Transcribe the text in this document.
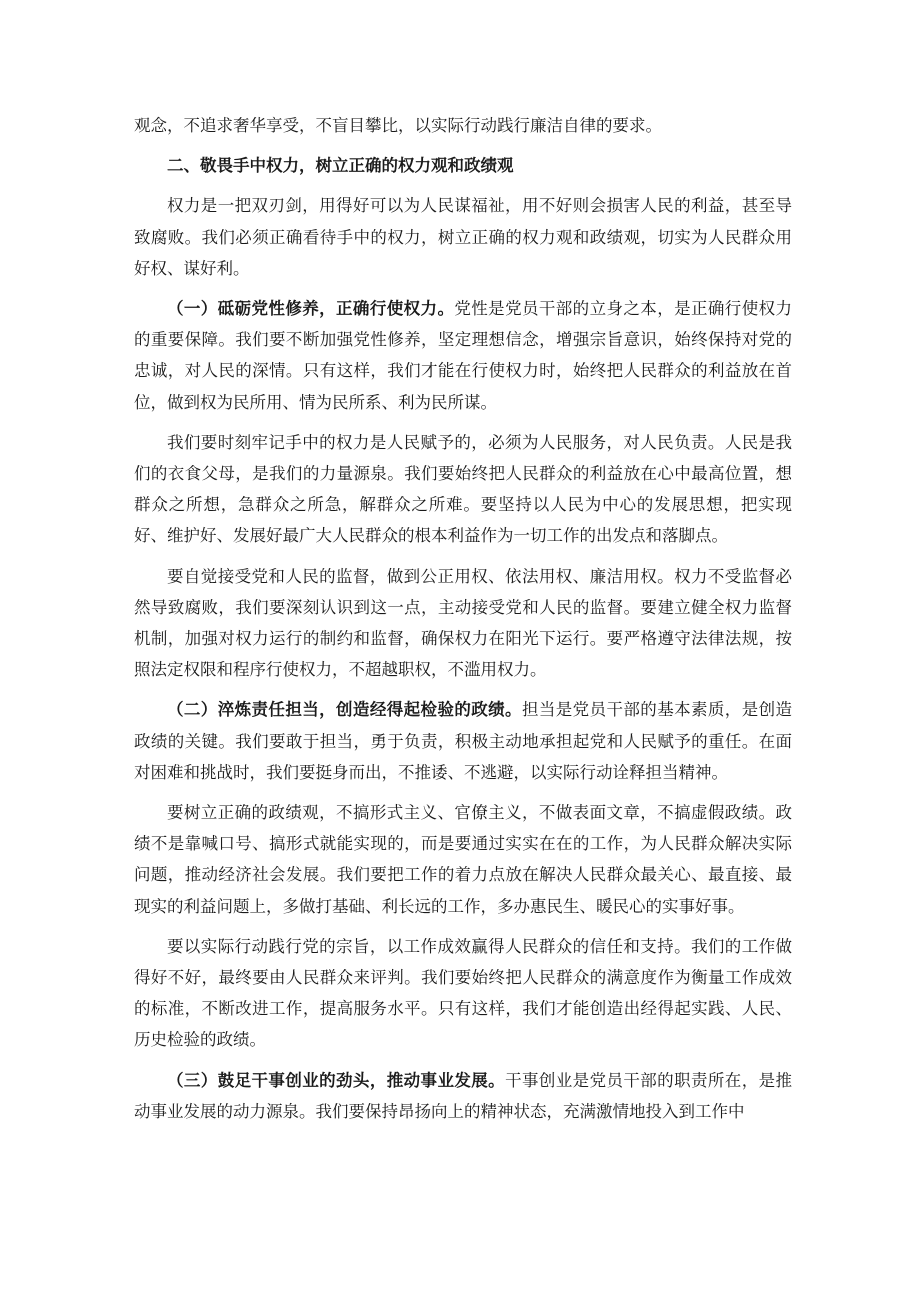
观念，不追求奢华享受，不盲目攀比，以实际行动践行廉洁自律的要求。

二、敬畏手中权力，树立正确的权力观和政绩观

权力是一把双刃剑，用得好可以为人民谋福祉，用不好则会损害人民的利益，甚至导致腐败。我们必须正确看待手中的权力，树立正确的权力观和政绩观，切实为人民群众用好权、谋好利。

（一）砥砺党性修养，正确行使权力。党性是党员干部的立身之本，是正确行使权力的重要保障。我们要不断加强党性修养，坚定理想信念，增强宗旨意识，始终保持对党的忠诚，对人民的深情。只有这样，我们才能在行使权力时，始终把人民群众的利益放在首位，做到权为民所用、情为民所系、利为民所谋。

我们要时刻牢记手中的权力是人民赋予的，必须为人民服务，对人民负责。人民是我们的衣食父母，是我们的力量源泉。我们要始终把人民群众的利益放在心中最高位置，想群众之所想，急群众之所急，解群众之所难。要坚持以人民为中心的发展思想，把实现好、维护好、发展好最广大人民群众的根本利益作为一切工作的出发点和落脚点。

要自觉接受党和人民的监督，做到公正用权、依法用权、廉洁用权。权力不受监督必然导致腐败，我们要深刻认识到这一点，主动接受党和人民的监督。要建立健全权力监督机制，加强对权力运行的制约和监督，确保权力在阳光下运行。要严格遵守法律法规，按照法定权限和程序行使权力，不超越职权，不滥用权力。

（二）淬炼责任担当，创造经得起检验的政绩。担当是党员干部的基本素质，是创造政绩的关键。我们要敢于担当，勇于负责，积极主动地承担起党和人民赋予的重任。在面对困难和挑战时，我们要挺身而出，不推诿、不逃避，以实际行动诠释担当精神。

要树立正确的政绩观，不搞形式主义、官僚主义，不做表面文章，不搞虚假政绩。政绩不是靠喊口号、搞形式就能实现的，而是要通过实实在在的工作，为人民群众解决实际问题，推动经济社会发展。我们要把工作的着力点放在解决人民群众最关心、最直接、最现实的利益问题上，多做打基础、利长远的工作，多办惠民生、暖民心的实事好事。

要以实际行动践行党的宗旨，以工作成效赢得人民群众的信任和支持。我们的工作做得好不好，最终要由人民群众来评判。我们要始终把人民群众的满意度作为衡量工作成效的标准，不断改进工作，提高服务水平。只有这样，我们才能创造出经得起实践、人民、历史检验的政绩。

（三）鼓足干事创业的劲头，推动事业发展。干事创业是党员干部的职责所在，是推动事业发展的动力源泉。我们要保持昂扬向上的精神状态，充满激情地投入到工作中
